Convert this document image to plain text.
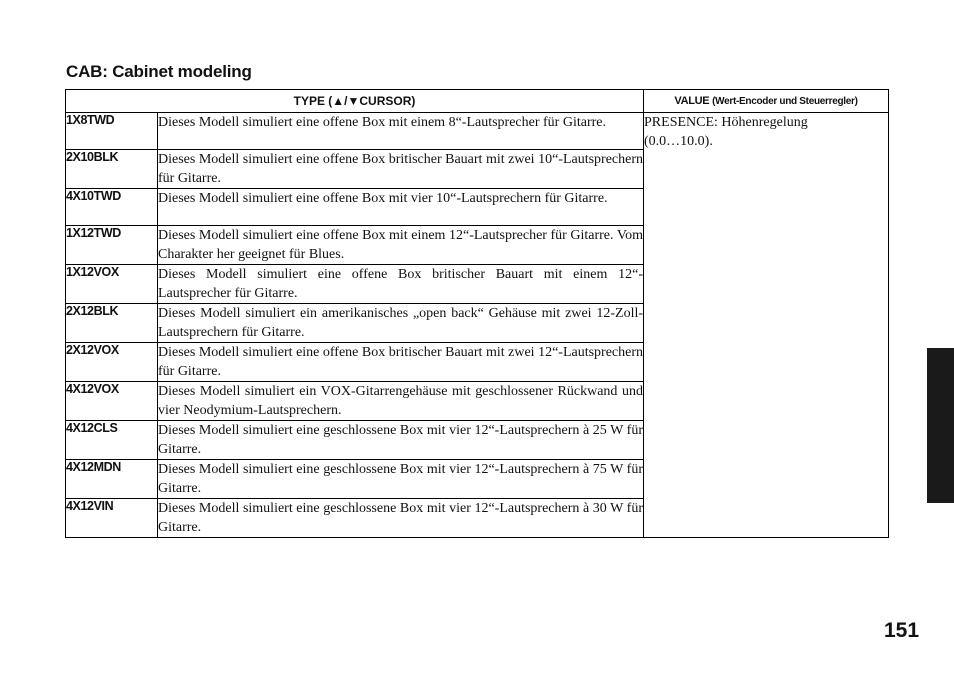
CAB: Cabinet modeling
TYPE (▲/▼CURSOR)		VALUE (Wert-Encoder und Steuerregler)
1X8TWD	Dieses Modell simuliert eine offene Box mit einem 8“-Lautsprecher für Gitarre.	PRESENCE: Höhenregelung
(0.0…10.0).

2X10BLK	Dieses Modell simuliert eine offene Box britischer Bauart mit zwei 10“-Lautsprechern für Gitarre.	
4X10TWD	Dieses Modell simuliert eine offene Box mit vier 10“-Lautsprechern für Gitarre.	
1X12TWD	Dieses Modell simuliert eine offene Box mit einem 12“-Lautsprecher für Gitarre. Vom Charakter her geeignet für Blues.	
1X12VOX	Dieses Modell simuliert eine offene Box britischer Bauart mit einem 12“-Lautsprecher für Gitarre.	
2X12BLK	Dieses Modell simuliert ein amerikanisches „open back“ Gehäuse mit zwei 12-Zoll-Lautsprechern für Gitarre.	
2X12VOX	Dieses Modell simuliert eine offene Box britischer Bauart mit zwei 12“-Lautsprechern für Gitarre.	
4X12VOX	Dieses Modell simuliert ein VOX-Gitarrengehäuse mit geschlossener Rückwand und vier Neodymium-Lautsprechern.	
4X12CLS	Dieses Modell simuliert eine geschlossene Box mit vier 12“-Lautsprechern à 25 W für Gitarre.	
4X12MDN	Dieses Modell simuliert eine geschlossene Box mit vier 12“-Lautsprechern à 75 W für Gitarre.	
4X12VIN	Dieses Modell simuliert eine geschlossene Box mit vier 12“-Lautsprechern à 30 W für Gitarre.	
151
